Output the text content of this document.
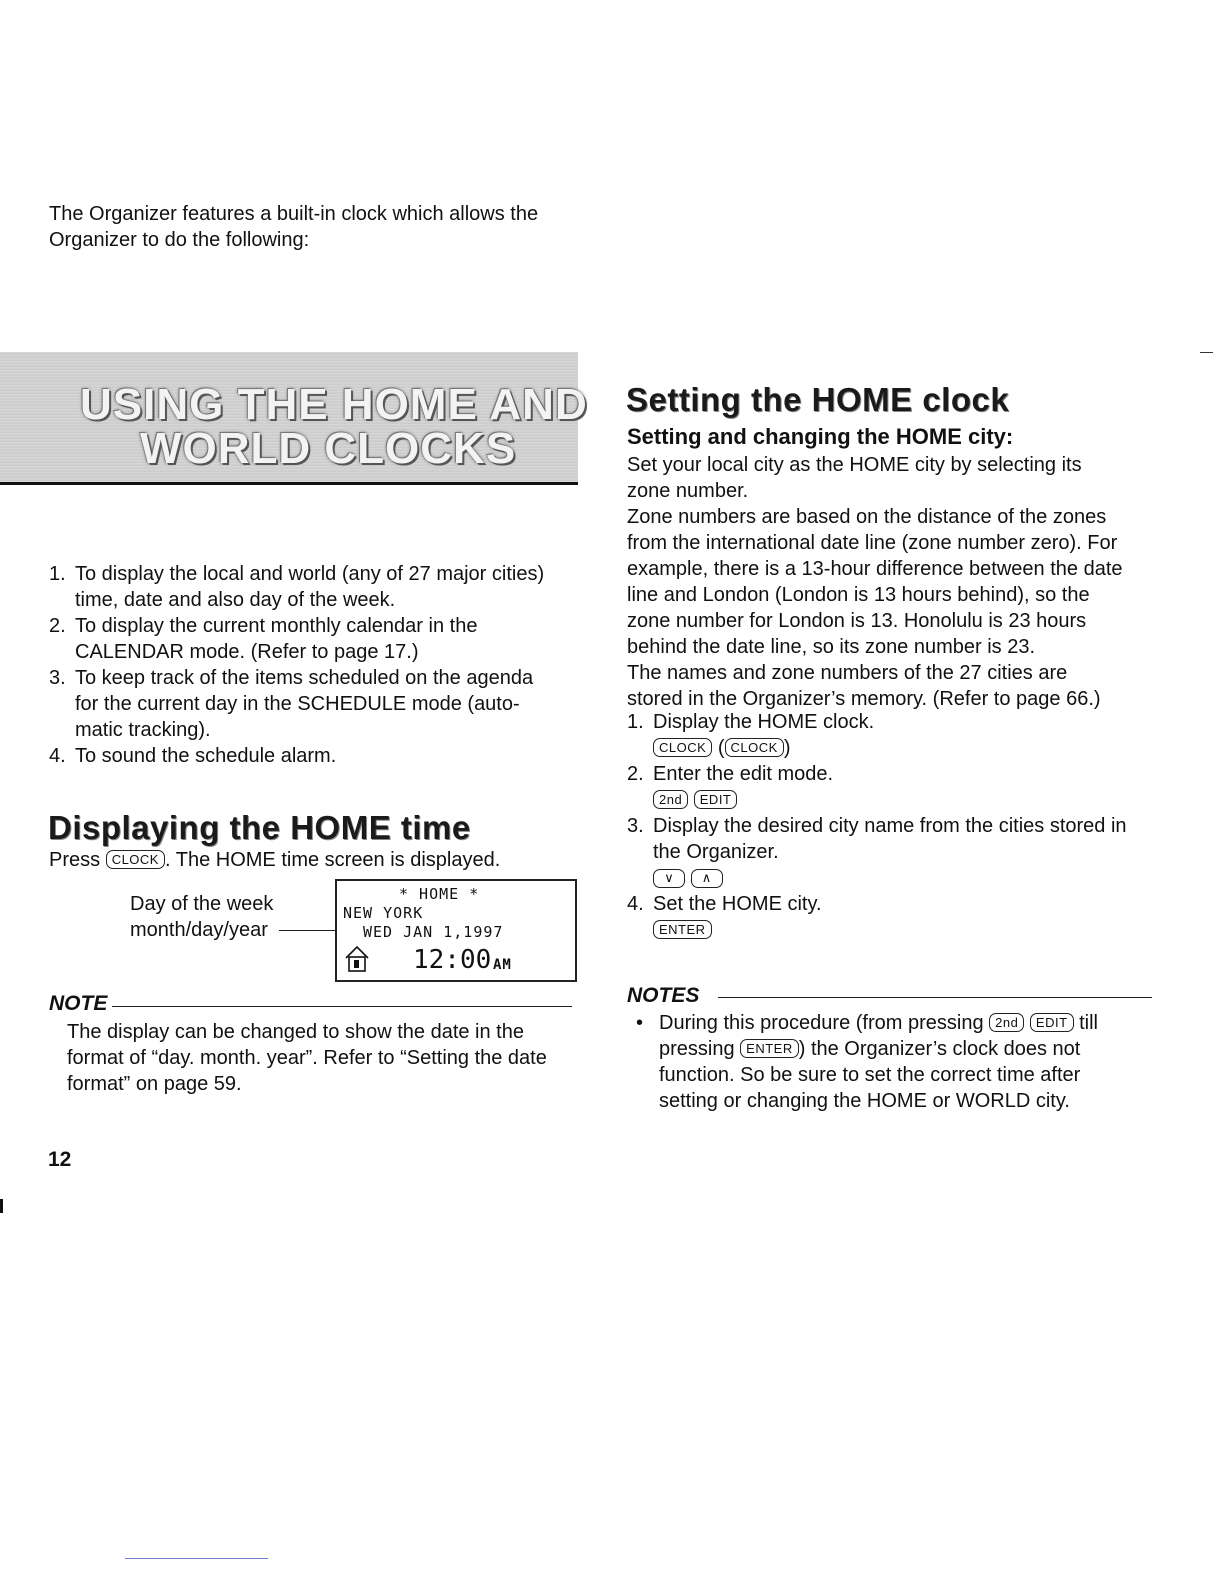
USING THE HOME AND
WORLD CLOCKS
The Organizer features a built-in clock which allows the
Organizer to do the following:
1. To display the local and world (any of 27 major cities)
time, date and also day of the week.
2. To display the current monthly calendar in the
CALENDAR mode. (Refer to page 17.)
3. To keep track of the items scheduled on the agenda
for the current day in the SCHEDULE mode (auto-
matic tracking).
4. To sound the schedule alarm.
Displaying the HOME time
Press CLOCK . The HOME time screen is displayed.
Day of the week
month/day/year
* HOME *
NEW YORK
WED JAN 1,1997
12:00 AM
NOTE
The display can be changed to show the date in the
format of “day. month. year”. Refer to “Setting the date
format” on page 59.
12
Setting the HOME clock
Setting and changing the HOME city:
Set your local city as the HOME city by selecting its
zone number.
Zone numbers are based on the distance of the zones
from the international date line (zone number zero). For
example, there is a 13-hour difference between the date
line and London (London is 13 hours behind), so the
zone number for London is 13. Honolulu is 23 hours
behind the date line, so its zone number is 23.
The names and zone numbers of the 27 cities are
stored in the Organizer’s memory. (Refer to page 66.)
1. Display the HOME clock.
CLOCK ( CLOCK )
2. Enter the edit mode.
2nd EDIT
3. Display the desired city name from the cities stored in
the Organizer.
∨ ∧
4. Set the HOME city.
ENTER
NOTES
• During this procedure (from pressing 2nd EDIT till
pressing ENTER ) the Organizer’s clock does not
function. So be sure to set the correct time after
setting or changing the HOME or WORLD city.
